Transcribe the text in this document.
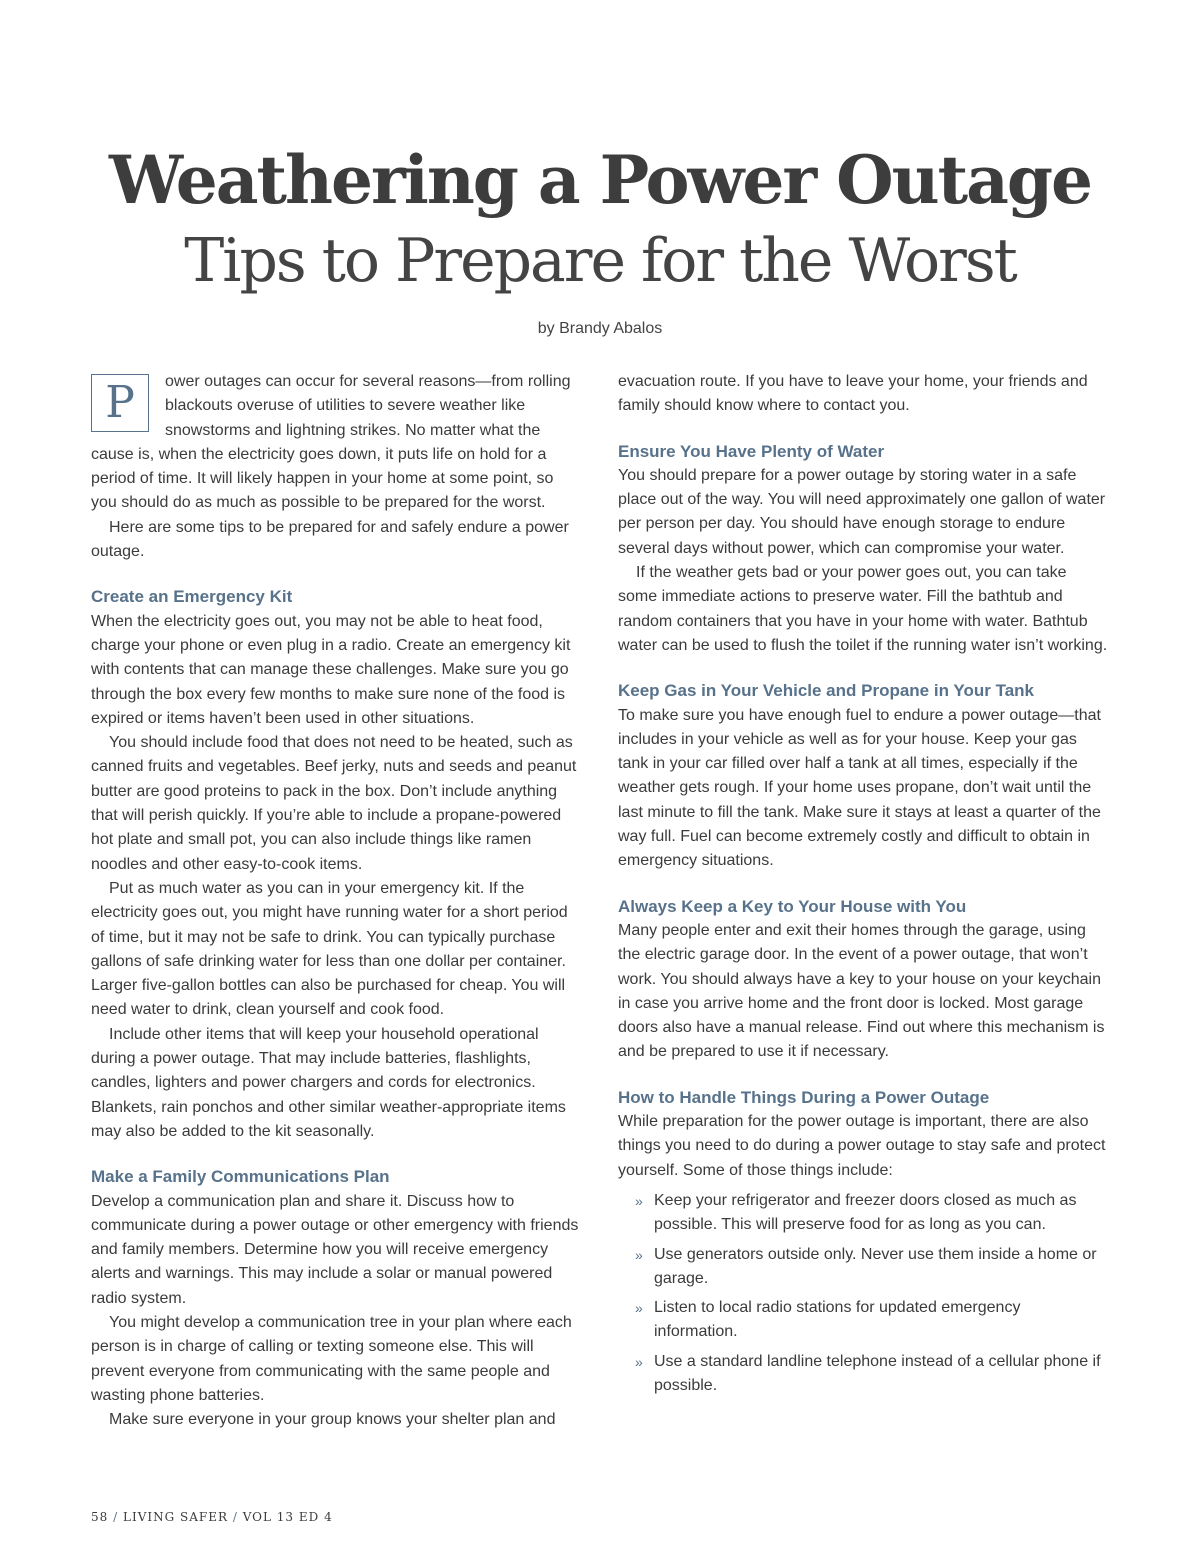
Weathering a Power Outage
Tips to Prepare for the Worst
by Brandy Abalos
P	ower outages can occur for several reasons—from rolling blackouts overuse of utilities to severe weather like snowstorms and lightning strikes. No matter what the cause is, when the electricity goes down, it puts life on hold for a period of time. It will likely happen in your home at some point, so you should do as much as possible to be prepared for the worst.

Here are some tips to be prepared for and safely endure a power outage.

Create an Emergency Kit

When the electricity goes out, you may not be able to heat food, charge your phone or even plug in a radio. Create an emergency kit with contents that can manage these challenges. Make sure you go through the box every few months to make sure none of the food is expired or items haven’t been used in other situations.

You should include food that does not need to be heated, such as canned fruits and vegetables. Beef jerky, nuts and seeds and peanut butter are good proteins to pack in the box. Don’t include anything that will perish quickly. If you’re able to include a propane-powered hot plate and small pot, you can also include things like ramen noodles and other easy-to-cook items.

Put as much water as you can in your emergency kit. If the electricity goes out, you might have running water for a short period of time, but it may not be safe to drink. You can typically purchase gallons of safe drinking water for less than one dollar per container. Larger five-gallon bottles can also be purchased for cheap. You will need water to drink, clean yourself and cook food.

Include other items that will keep your household operational during a power outage. That may include batteries, flashlights, candles, lighters and power chargers and cords for electronics. Blankets, rain ponchos and other similar weather-appropriate items may also be added to the kit seasonally.

Make a Family Communications Plan

Develop a communication plan and share it. Discuss how to communicate during a power outage or other emergency with friends and family members. Determine how you will receive emergency alerts and warnings. This may include a solar or manual powered radio system.

You might develop a communication tree in your plan where each person is in charge of calling or texting someone else. This will prevent everyone from communicating with the same people and wasting phone batteries.

Make sure everyone in your group knows your shelter plan and

evacuation route. If you have to leave your home, your friends and family should know where to contact you.

Ensure You Have Plenty of Water

You should prepare for a power outage by storing water in a safe place out of the way. You will need approximately one gallon of water per person per day. You should have enough storage to endure several days without power, which can compromise your water.

If the weather gets bad or your power goes out, you can take some immediate actions to preserve water. Fill the bathtub and random containers that you have in your home with water. Bathtub water can be used to flush the toilet if the running water isn’t working.

Keep Gas in Your Vehicle and Propane in Your Tank

To make sure you have enough fuel to endure a power outage—that includes in your vehicle as well as for your house. Keep your gas tank in your car filled over half a tank at all times, especially if the weather gets rough. If your home uses propane, don’t wait until the last minute to fill the tank. Make sure it stays at least a quarter of the way full. Fuel can become extremely costly and difficult to obtain in emergency situations.

Always Keep a Key to Your House with You

Many people enter and exit their homes through the garage, using the electric garage door. In the event of a power outage, that won’t work. You should always have a key to your house on your keychain in case you arrive home and the front door is locked. Most garage doors also have a manual release. Find out where this mechanism is and be prepared to use it if necessary.

How to Handle Things During a Power Outage

While preparation for the power outage is important, there are also things you need to do during a power outage to stay safe and protect yourself. Some of those things include:

» Keep your refrigerator and freezer doors closed as much as possible. This will preserve food for as long as you can.
» Use generators outside only. Never use them inside a home or garage.
» Listen to local radio stations for updated emergency information.
» Use a standard landline telephone instead of a cellular phone if possible.
58 / LIVING SAFER / VOL 13 ED 4
